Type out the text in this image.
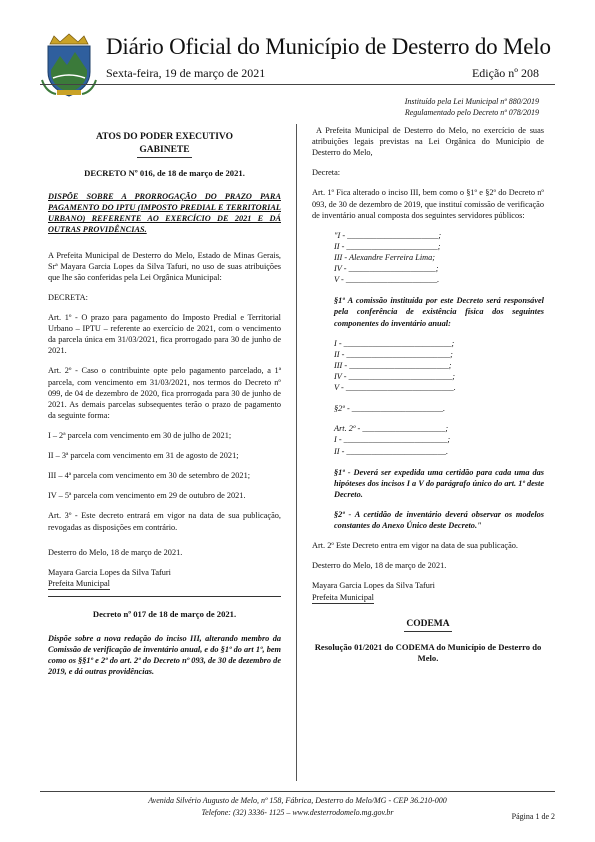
Diário Oficial do Município de Desterro do Melo
Sexta-feira, 19 de março de 2021	Edição nº 208
Instituído pela Lei Municipal nº 880/2019
Regulamentado pelo Decreto nº 078/2019
ATOS DO PODER EXECUTIVO
GABINETE
DECRETO Nº 016, de 18 de março de 2021.

DISPÕE SOBRE A PRORROGAÇÃO DO PRAZO PARA PAGAMENTO DO IPTU (IMPOSTO PREDIAL E TERRITORIAL URBANO) REFERENTE AO EXERCÍCIO DE 2021 E DÁ OUTRAS PROVIDÊNCIAS.

A Prefeita Municipal de Desterro do Melo, Estado de Minas Gerais, Srª Mayara Garcia Lopes da Silva Tafuri, no uso de suas atribuições que lhe são conferidas pela Lei Orgânica Municipal:

DECRETA:

Art. 1º - O prazo para pagamento do Imposto Predial e Territorial Urbano – IPTU – referente ao exercício de 2021, com o vencimento da parcela única em 31/03/2021, fica prorrogado para 30 de junho de 2021.

Art. 2º - Caso o contribuinte opte pelo pagamento parcelado, a 1ª parcela, com vencimento em 31/03/2021, nos termos do Decreto nº 099, de 04 de dezembro de 2020, fica prorrogada para 30 de junho de 2021. As demais parcelas subsequentes terão o prazo de pagamento da seguinte forma:

I – 2ª parcela com vencimento em 30 de julho de 2021;

II – 3ª parcela com vencimento em 31 de agosto de 2021;

III – 4ª parcela com vencimento em 30 de setembro de 2021;

IV – 5ª parcela com vencimento em 29 de outubro de 2021.

Art. 3º - Este decreto entrará em vigor na data de sua publicação, revogadas as disposições em contrário.

Desterro do Melo, 18 de março de 2021.

Mayara Garcia Lopes da Silva Tafuri
Prefeita Municipal
Decreto nº 017 de 18 de março de 2021.

Dispõe sobre a nova redação do inciso III, alterando membro da Comissão de verificação de inventário anual, e do §1º do art 1º, bem como os §§1º e 2º do art. 2º do Decreto nº 093, de 30 de dezembro de 2019, e dá outras providências.

A Prefeita Municipal de Desterro do Melo, no exercício de suas atribuições legais previstas na Lei Orgânica do Município de Desterro do Melo,

Decreta:

Art. 1º Fica alterado o inciso III, bem como o §1º e §2º do Decreto nº 093, de 30 de dezembro de 2019, que instituí comissão de verificação de inventário anual composta dos seguintes servidores públicos:

"I - ______________________;
II - ______________________;
III - Alexandre Ferreira Lima;
IV - _____________________;
V - ______________________.

§1º A comissão instituída por este Decreto será responsável pela conferência de existência física dos seguintes componentes do inventário anual:

I - __________________________;
II - _________________________;
III - ________________________;
IV - _________________________;
V - __________________________.

§2º - ______________________.

Art. 2º - ____________________;
I - _________________________;
II - ________________________.

§1º - Deverá ser expedida uma certidão para cada uma das hipóteses dos incisos I a V do parágrafo único do art. 1º deste Decreto.

§2º - A certidão de inventário deverá observar os modelos constantes do Anexo Único deste Decreto."

Art. 2º Este Decreto entra em vigor na data de sua publicação.

Desterro do Melo, 18 de março de 2021.

Mayara Garcia Lopes da Silva Tafuri
Prefeita Municipal
CODEMA
Resolução 01/2021 do CODEMA do Município de Desterro do Melo.
Avenida Silvério Augusto de Melo, nº 158, Fábrica, Desterro do Melo/MG - CEP 36.210-000
Telefone: (32) 3336- 1125 – www.desterrodomelo.mg.gov.br	Página 1 de 2
